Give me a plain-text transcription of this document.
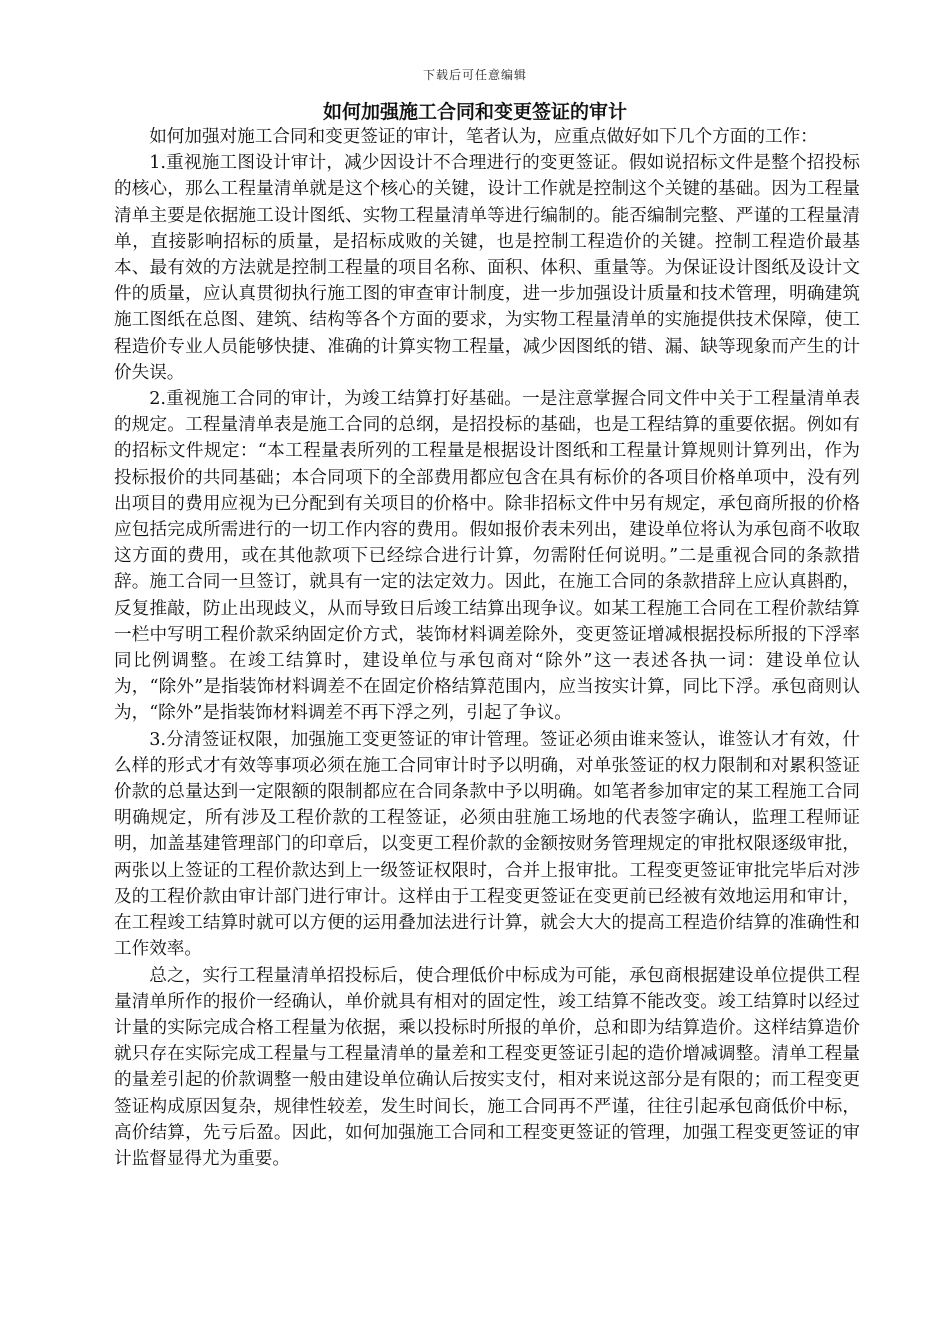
下载后可任意编辑
如何加强施工合同和变更签证的审计

如何加强对施工合同和变更签证的审计，笔者认为，应重点做好如下几个方面的工作：

1.重视施工图设计审计，减少因设计不合理进行的变更签证。假如说招标文件是整个招投标的核心，那么工程量清单就是这个核心的关键，设计工作就是控制这个关键的基础。因为工程量清单主要是依据施工设计图纸、实物工程量清单等进行编制的。能否编制完整、严谨的工程量清单，直接影响招标的质量，是招标成败的关键，也是控制工程造价的关键。控制工程造价最基本、最有效的方法就是控制工程量的项目名称、面积、体积、重量等。为保证设计图纸及设计文件的质量，应认真贯彻执行施工图的审查审计制度，进一步加强设计质量和技术管理，明确建筑施工图纸在总图、建筑、结构等各个方面的要求，为实物工程量清单的实施提供技术保障，使工程造价专业人员能够快捷、准确的计算实物工程量，减少因图纸的错、漏、缺等现象而产生的计价失误。

2.重视施工合同的审计，为竣工结算打好基础。一是注意掌握合同文件中关于工程量清单表的规定。工程量清单表是施工合同的总纲，是招投标的基础，也是工程结算的重要依据。例如有的招标文件规定：“本工程量表所列的工程量是根据设计图纸和工程量计算规则计算列出，作为投标报价的共同基础；本合同项下的全部费用都应包含在具有标价的各项目价格单项中，没有列出项目的费用应视为已分配到有关项目的价格中。除非招标文件中另有规定，承包商所报的价格应包括完成所需进行的一切工作内容的费用。假如报价表未列出，建设单位将认为承包商不收取这方面的费用，或在其他款项下已经综合进行计算，勿需附任何说明。”二是重视合同的条款措辞。施工合同一旦签订，就具有一定的法定效力。因此，在施工合同的条款措辞上应认真斟酌，反复推敲，防止出现歧义，从而导致日后竣工结算出现争议。如某工程施工合同在工程价款结算一栏中写明工程价款采纳固定价方式，装饰材料调差除外，变更签证增减根据投标所报的下浮率同比例调整。在竣工结算时，建设单位与承包商对“除外”这一表述各执一词：建设单位认为，“除外”是指装饰材料调差不在固定价格结算范围内，应当按实计算，同比下浮。承包商则认为，“除外”是指装饰材料调差不再下浮之列，引起了争议。

3.分清签证权限，加强施工变更签证的审计管理。签证必须由谁来签认，谁签认才有效，什么样的形式才有效等事项必须在施工合同审计时予以明确，对单张签证的权力限制和对累积签证价款的总量达到一定限额的限制都应在合同条款中予以明确。如笔者参加审定的某工程施工合同明确规定，所有涉及工程价款的工程签证，必须由驻施工场地的代表签字确认，监理工程师证明，加盖基建管理部门的印章后，以变更工程价款的金额按财务管理规定的审批权限逐级审批，两张以上签证的工程价款达到上一级签证权限时，合并上报审批。工程变更签证审批完毕后对涉及的工程价款由审计部门进行审计。这样由于工程变更签证在变更前已经被有效地运用和审计，在工程竣工结算时就可以方便的运用叠加法进行计算，就会大大的提高工程造价结算的准确性和工作效率。

总之，实行工程量清单招投标后，使合理低价中标成为可能，承包商根据建设单位提供工程量清单所作的报价一经确认，单价就具有相对的固定性，竣工结算不能改变。竣工结算时以经过计量的实际完成合格工程量为依据，乘以投标时所报的单价，总和即为结算造价。这样结算造价就只存在实际完成工程量与工程量清单的量差和工程变更签证引起的造价增减调整。清单工程量的量差引起的价款调整一般由建设单位确认后按实支付，相对来说这部分是有限的；而工程变更签证构成原因复杂，规律性较差，发生时间长，施工合同再不严谨，往往引起承包商低价中标，高价结算，先亏后盈。因此，如何加强施工合同和工程变更签证的管理，加强工程变更签证的审计监督显得尤为重要。
